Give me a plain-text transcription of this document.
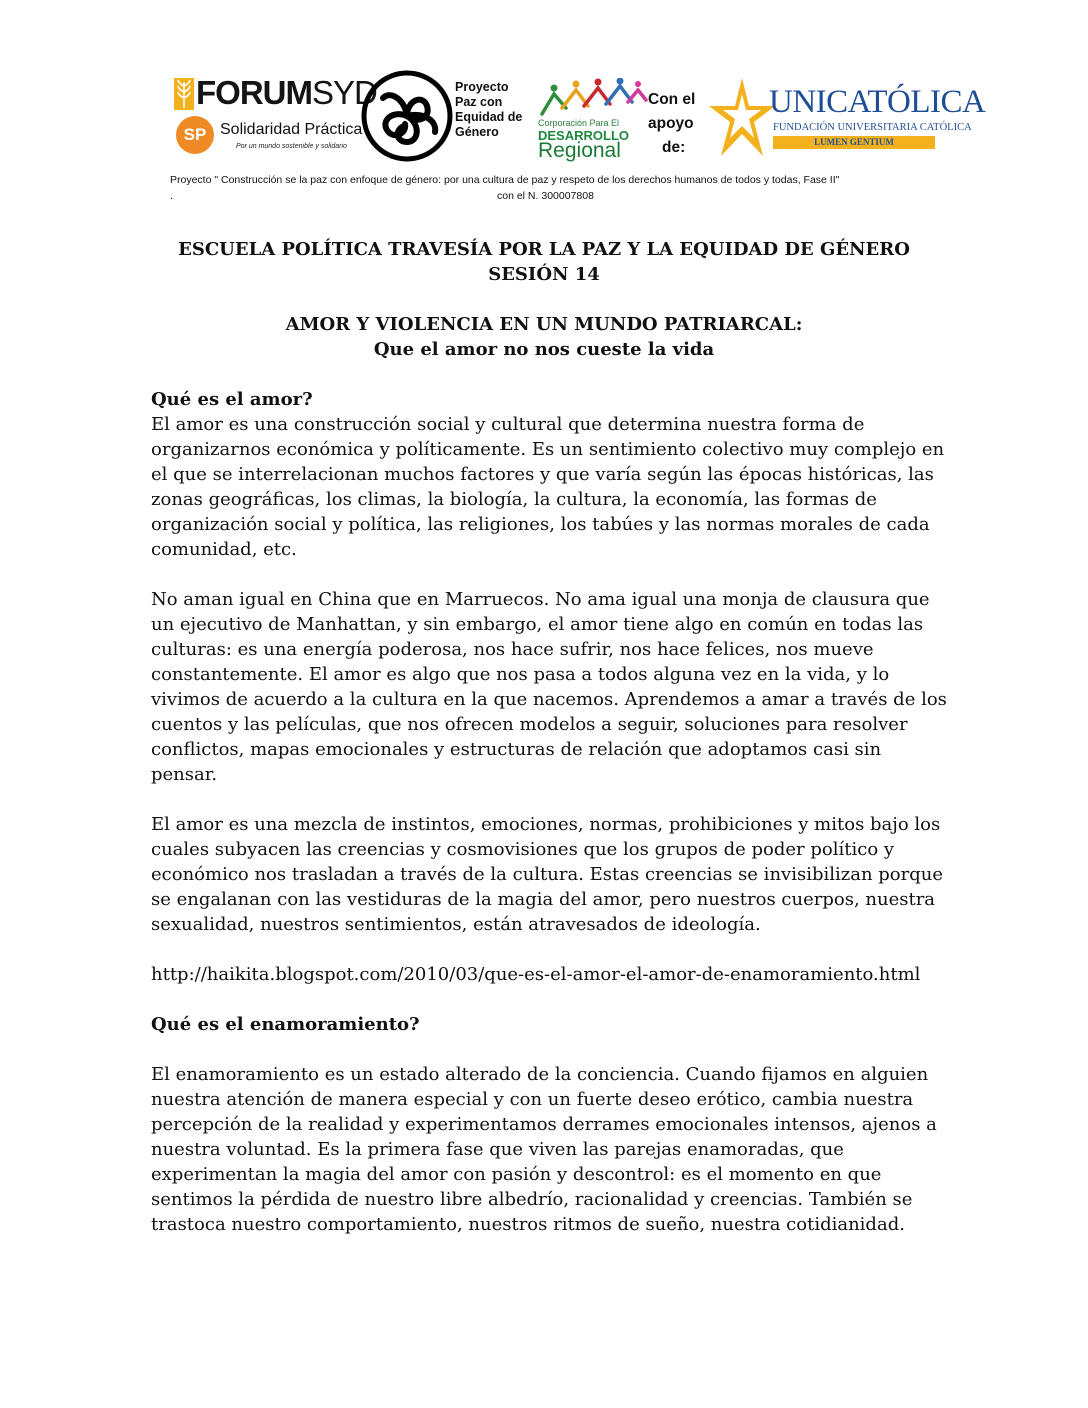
FORUMSYD
SP Solidaridad Práctica
Por un mundo sostenible y solidario
Proyecto
Paz con
Equidad de
Género
Corporación Para El
DESARROLLO
Regional
Con el
apoyo
de:
UNICATÓLICA
FUNDACIÓN UNIVERSITARIA CATÓLICA
LUMEN GENTIUM
Proyecto " Construcción se la paz con enfoque de género: por una cultura de paz y respeto de los derechos humanos de todos y todas, Fase II"
.	con el N. 300007808
ESCUELA POLÍTICA TRAVESÍA POR LA PAZ Y LA EQUIDAD DE GÉNERO
SESIÓN 14
AMOR Y VIOLENCIA EN UN MUNDO PATRIARCAL:
Que el amor no nos cueste la vida
Qué es el amor?

El amor es una construcción social y cultural que determina nuestra forma de organizarnos económica y políticamente. Es un sentimiento colectivo muy complejo en el que se interrelacionan muchos factores y que varía según las épocas históricas, las zonas geográficas, los climas, la biología, la cultura, la economía, las formas de organización social y política, las religiones, los tabúes y las normas morales de cada comunidad, etc.

No aman igual en China que en Marruecos. No ama igual una monja de clausura que un ejecutivo de Manhattan, y sin embargo, el amor tiene algo en común en todas las culturas: es una energía poderosa, nos hace sufrir, nos hace felices, nos mueve constantemente. El amor es algo que nos pasa a todos alguna vez en la vida, y lo vivimos de acuerdo a la cultura en la que nacemos. Aprendemos a amar a través de los cuentos y las películas, que nos ofrecen modelos a seguir, soluciones para resolver conflictos, mapas emocionales y estructuras de relación que adoptamos casi sin pensar.

El amor es una mezcla de instintos, emociones, normas, prohibiciones y mitos bajo los cuales subyacen las creencias y cosmovisiones que los grupos de poder político y económico nos trasladan a través de la cultura. Estas creencias se invisibilizan porque se engalanan con las vestiduras de la magia del amor, pero nuestros cuerpos, nuestra sexualidad, nuestros sentimientos, están atravesados de ideología.

http://haikita.blogspot.com/2010/03/que-es-el-amor-el-amor-de-enamoramiento.html
Qué es el enamoramiento?

El enamoramiento es un estado alterado de la conciencia. Cuando fijamos en alguien nuestra atención de manera especial y con un fuerte deseo erótico, cambia nuestra percepción de la realidad y experimentamos derrames emocionales intensos, ajenos a nuestra voluntad. Es la primera fase que viven las parejas enamoradas, que experimentan la magia del amor con pasión y descontrol: es el momento en que sentimos la pérdida de nuestro libre albedrío, racionalidad y creencias. También se trastoca nuestro comportamiento, nuestros ritmos de sueño, nuestra cotidianidad.
